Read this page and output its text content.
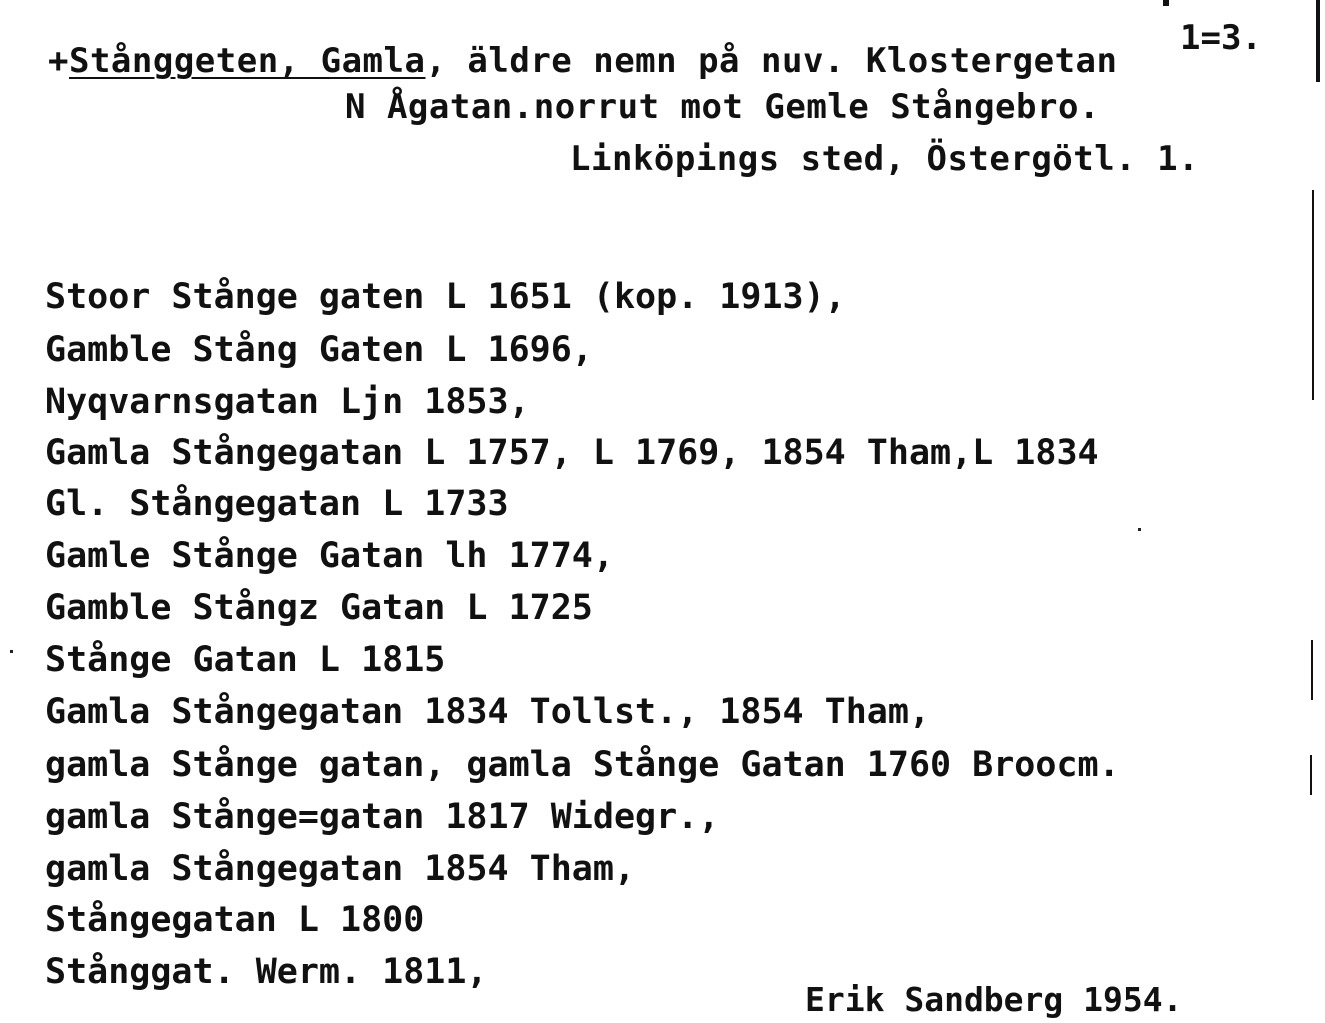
1=3.
+Stånggeten, Gamla, äldre nemn på nuv. Klostergetan
N Ågatan.norrut mot Gemle Stångebro.
Linköpings sted, Östergötl. 1.
Stoor Stånge gaten L 1651 (kop. 1913),
Gamble Stång Gaten L 1696,
Nyqvarnsgatan Ljn 1853,
Gamla Stångegatan L 1757, L 1769, 1854 Tham,L 1834
Gl. Stångegatan L 1733
Gamle Stånge Gatan lh 1774,
Gamble Stångz Gatan L 1725
Stånge Gatan L 1815
Gamla Stångegatan 1834 Tollst., 1854 Tham,
gamla Stånge gatan, gamla Stånge Gatan 1760 Broocm.
gamla Stånge=gatan 1817 Widegr.,
gamla Stångegatan 1854 Tham,
Stångegatan L 1800
Stånggat. Werm. 1811,
Erik Sandberg 1954.
